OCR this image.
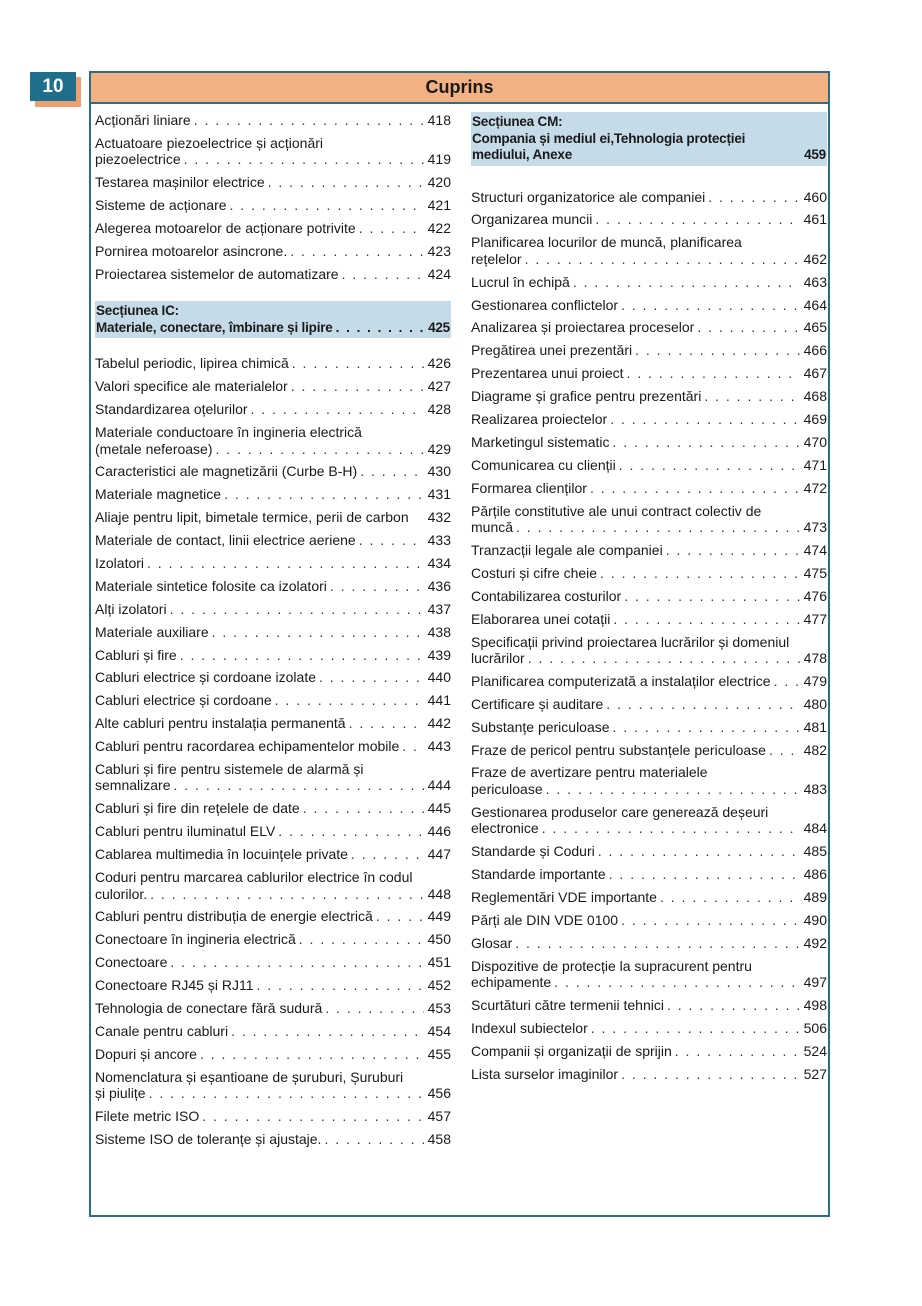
10	Cuprins
Acționări liniare . . .	418
Actuatoare piezoelectrice și acționări
piezoelectrice . . .	419
Testarea mașinilor electrice . . .	420
Sisteme de acționare . . .	421
Alegerea motoarelor de acționare potrivite . . .	422
Pornirea motoarelor asincrone. . . .	423
Proiectarea sistemelor de automatizare . . .	424
Secțiunea IC:
Materiale, conectare, îmbinare și lipire . . .	425
Tabelul periodic, lipirea chimică . . .	426
Valori specifice ale materialelor . . .	427
Standardizarea oțelurilor . . .	428
Materiale conductoare în ingineria electrică
(metale neferoase) . . .	429
Caracteristici ale magnetizării (Curbe B-H) . . .	430
Materiale magnetice . . .	431
Aliaje pentru lipit, bimetale termice, perii de carbon 432
Materiale de contact, linii electrice aeriene . . .	433
Izolatori . . .	434
Materiale sintetice folosite ca izolatori . . .	436
Alți izolatori . . .	437
Materiale auxiliare . . .	438
Cabluri și fire . . .	439
Cabluri electrice și cordoane izolate . . .	440
Cabluri electrice și cordoane . . .	441
Alte cabluri pentru instalația permanentă . . .	442
Cabluri pentru racordarea echipamentelor mobile . . . 443
Cabluri și fire pentru sistemele de alarmă și
semnalizare . . .	444
Cabluri și fire din rețelele de date . . .	445
Cabluri pentru iluminatul ELV . . .	446
Cablarea multimedia în locuințele private . . .	447
Coduri pentru marcarea cablurilor electrice în codul
culorilor. . . .	448
Cabluri pentru distribuția de energie electrică . . .	449
Conectoare în ingineria electrică . . .	450
Conectoare . . .	451
Conectoare RJ45 și RJ11 . . .	452
Tehnologia de conectare fără sudură . . .	453
Canale pentru cabluri . . .	454
Dopuri și ancore . . .	455
Nomenclatura și eșantioane de șuruburi, Șuruburi
și piulițe . . .	456
Filete metric ISO . . .	457
Sisteme ISO de toleranțe și ajustaje. . . .	458
Secțiunea CM:
Compania și mediul ei,Tehnologia protecției
mediului, Anexe	459
Structuri organizatorice ale companiei . . .	460
Organizarea muncii . . .	461
Planificarea locurilor de muncă, planificarea
rețelelor . . .	462
Lucrul în echipă . . .	463
Gestionarea conflictelor . . .	464
Analizarea și proiectarea proceselor . . .	465
Pregătirea unei prezentări . . .	466
Prezentarea unui proiect . . .	467
Diagrame și grafice pentru prezentări . . .	468
Realizarea proiectelor . . .	469
Marketingul sistematic . . .	470
Comunicarea cu clienții . . .	471
Formarea clienților . . .	472
Părțile constitutive ale unui contract colectiv de
muncă . . .	473
Tranzacții legale ale companiei . . .	474
Costuri și cifre cheie . . .	475
Contabilizarea costurilor . . .	476
Elaborarea unei cotații . . .	477
Specificații privind proiectarea lucrărilor și domeniul
lucrărilor . . .	478
Planificarea computerizată a instalaților electrice . . . 479
Certificare și auditare . . .	480
Substanțe periculoase . . .	481
Fraze de pericol pentru substanțele periculoase . . .	482
Fraze de avertizare pentru materialele
periculoase . . .	483
Gestionarea produselor care generează deșeuri
electronice . . .	484
Standarde și Coduri . . .	485
Standarde importante . . .	486
Reglementări VDE importante . . .	489
Părți ale DIN VDE 0100 . . .	490
Glosar . . .	492
Dispozitive de protecție la supracurent pentru
echipamente . . .	497
Scurtături către termenii tehnici . . .	498
Indexul subiectelor . . .	506
Companii și organizații de sprijin . . .	524
Lista surselor imaginilor . . .	527
